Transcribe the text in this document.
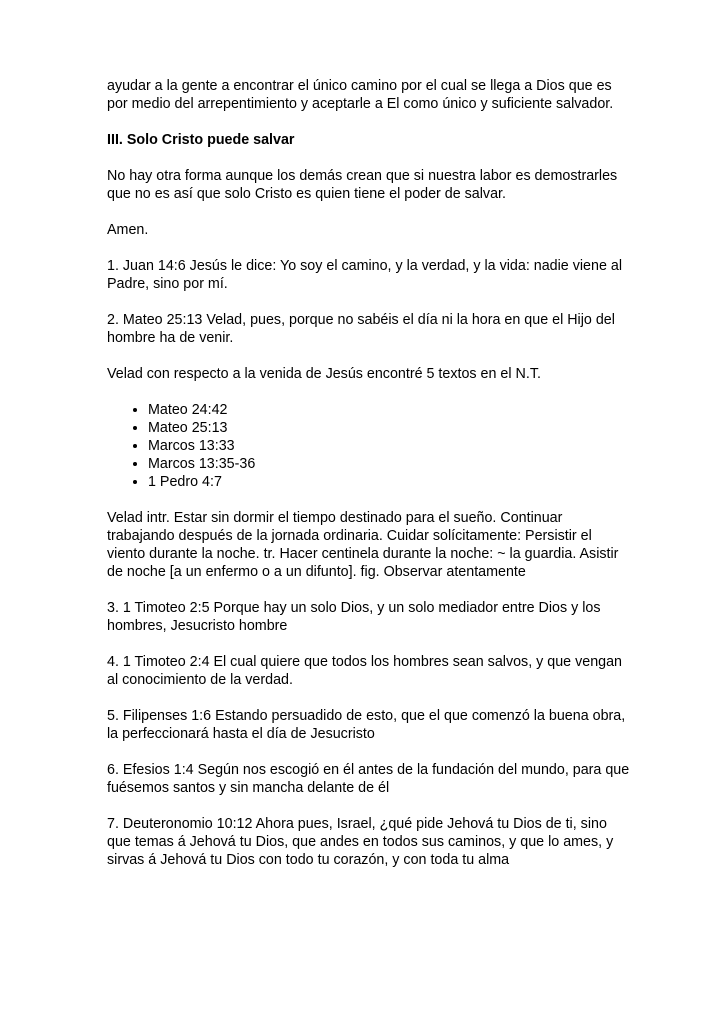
ayudar a la gente a encontrar el único camino por el cual se llega a Dios que es por medio del arrepentimiento y aceptarle a El como único y suficiente salvador.

III. Solo Cristo puede salvar

No hay otra forma aunque los demás crean que si nuestra labor es demostrarles que no es así que solo Cristo es quien tiene el poder de salvar.

Amen.

1. Juan 14:6 Jesús le dice: Yo soy el camino, y la verdad, y la vida: nadie viene al Padre, sino por mí.

2. Mateo 25:13 Velad, pues, porque no sabéis el día ni la hora en que el Hijo del hombre ha de venir.

Velad con respecto a la venida de Jesús encontré 5 textos en el N.T.

• Mateo 24:42
• Mateo 25:13
• Marcos 13:33
• Marcos 13:35-36
• 1 Pedro 4:7

Velad intr. Estar sin dormir el tiempo destinado para el sueño. Continuar trabajando después de la jornada ordinaria. Cuidar solícitamente: Persistir el viento durante la noche. tr. Hacer centinela durante la noche: ~ la guardia. Asistir de noche [a un enfermo o a un difunto]. fig. Observar atentamente

3. 1 Timoteo 2:5 Porque hay un solo Dios, y un solo mediador entre Dios y los hombres, Jesucristo hombre

4. 1 Timoteo 2:4 El cual quiere que todos los hombres sean salvos, y que vengan al conocimiento de la verdad.

5. Filipenses 1:6 Estando persuadido de esto, que el que comenzó la buena obra, la perfeccionará hasta el día de Jesucristo

6. Efesios 1:4 Según nos escogió en él antes de la fundación del mundo, para que fuésemos santos y sin mancha delante de él

7. Deuteronomio 10:12 Ahora pues, Israel, ¿qué pide Jehová tu Dios de ti, sino que temas á Jehová tu Dios, que andes en todos sus caminos, y que lo ames, y sirvas á Jehová tu Dios con todo tu corazón, y con toda tu alma
